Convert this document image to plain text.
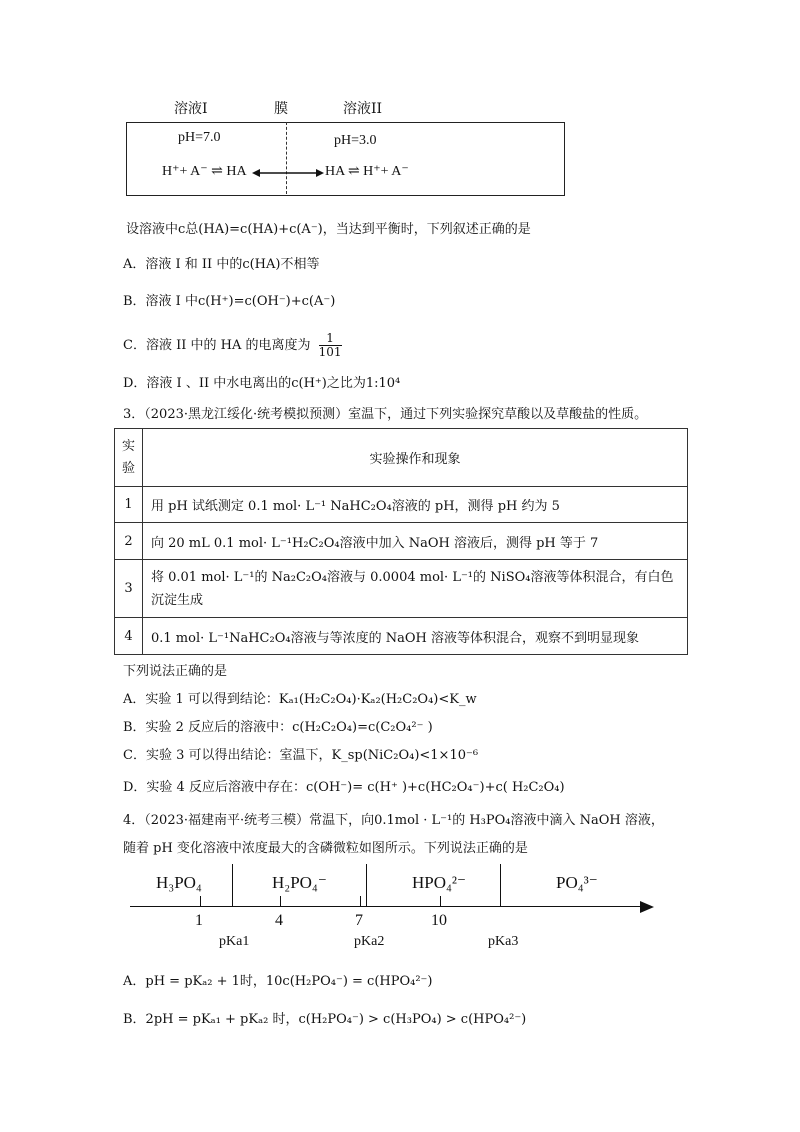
溶液I	膜	溶液II
pH=7.0	pH=3.0
H⁺+ A⁻ ⇌ HA	HA ⇌ H⁺+ A⁻
设溶液中c总(HA)=c(HA)+c(A⁻)，当达到平衡时，下列叙述正确的是
A．溶液 I 和 II 中的c(HA)不相等
B．溶液 I 中c(H⁺)=c(OH⁻)+c(A⁻)
C．溶液 II 中的 HA 的电离度为 $\frac{1}{101}$
D．溶液 I 、II 中水电离出的c(H⁺)之比为1:10⁴
3．（2023·黑龙江绥化·统考模拟预测）室温下，通过下列实验探究草酸以及草酸盐的性质。
实验	实验操作和现象
1	用 pH 试纸测定 0.1 mol· L⁻¹ NaHC₂O₄溶液的 pH，测得 pH 约为 5
2	向 20 mL 0.1 mol· L⁻¹H₂C₂O₄溶液中加入 NaOH 溶液后，测得 pH 等于 7
3	将 0.01 mol· L⁻¹的 Na₂C₂O₄溶液与 0.0004 mol· L⁻¹的 NiSO₄溶液等体积混合，有白色
沉淀生成

4	0.1 mol· L⁻¹NaHC₂O₄溶液与等浓度的 NaOH 溶液等体积混合，观察不到明显现象
下列说法正确的是
A．实验 1 可以得到结论：Kₐ₁(H₂C₂O₄)·Kₐ₂(H₂C₂O₄)<K_w
B．实验 2 反应后的溶液中：c(H₂C₂O₄)=c(C₂O₄²⁻ )
C．实验 3 可以得出结论：室温下，K_sp(NiC₂O₄)<1×10⁻⁶
D．实验 4 反应后溶液中存在：c(OH⁻)= c(H⁺ )+c(HC₂O₄⁻)+c( H₂C₂O₄)
4．（2023·福建南平·统考三模）常温下，向0.1mol · L⁻¹的 H₃PO₄溶液中滴入 NaOH 溶液，
随着 pH 变化溶液中浓度最大的含磷微粒如图所示。下列说法正确的是
H₃PO₄	H₂PO₄⁻	HPO₄²⁻	PO₄³⁻
1	4	7	10
pKa1	pKa2	pKa3
A．pH = pKₐ₂ + 1时，10c(H₂PO₄⁻) = c(HPO₄²⁻)
B．2pH = pKₐ₁ + pKₐ₂ 时，c(H₂PO₄⁻) > c(H₃PO₄) > c(HPO₄²⁻)
